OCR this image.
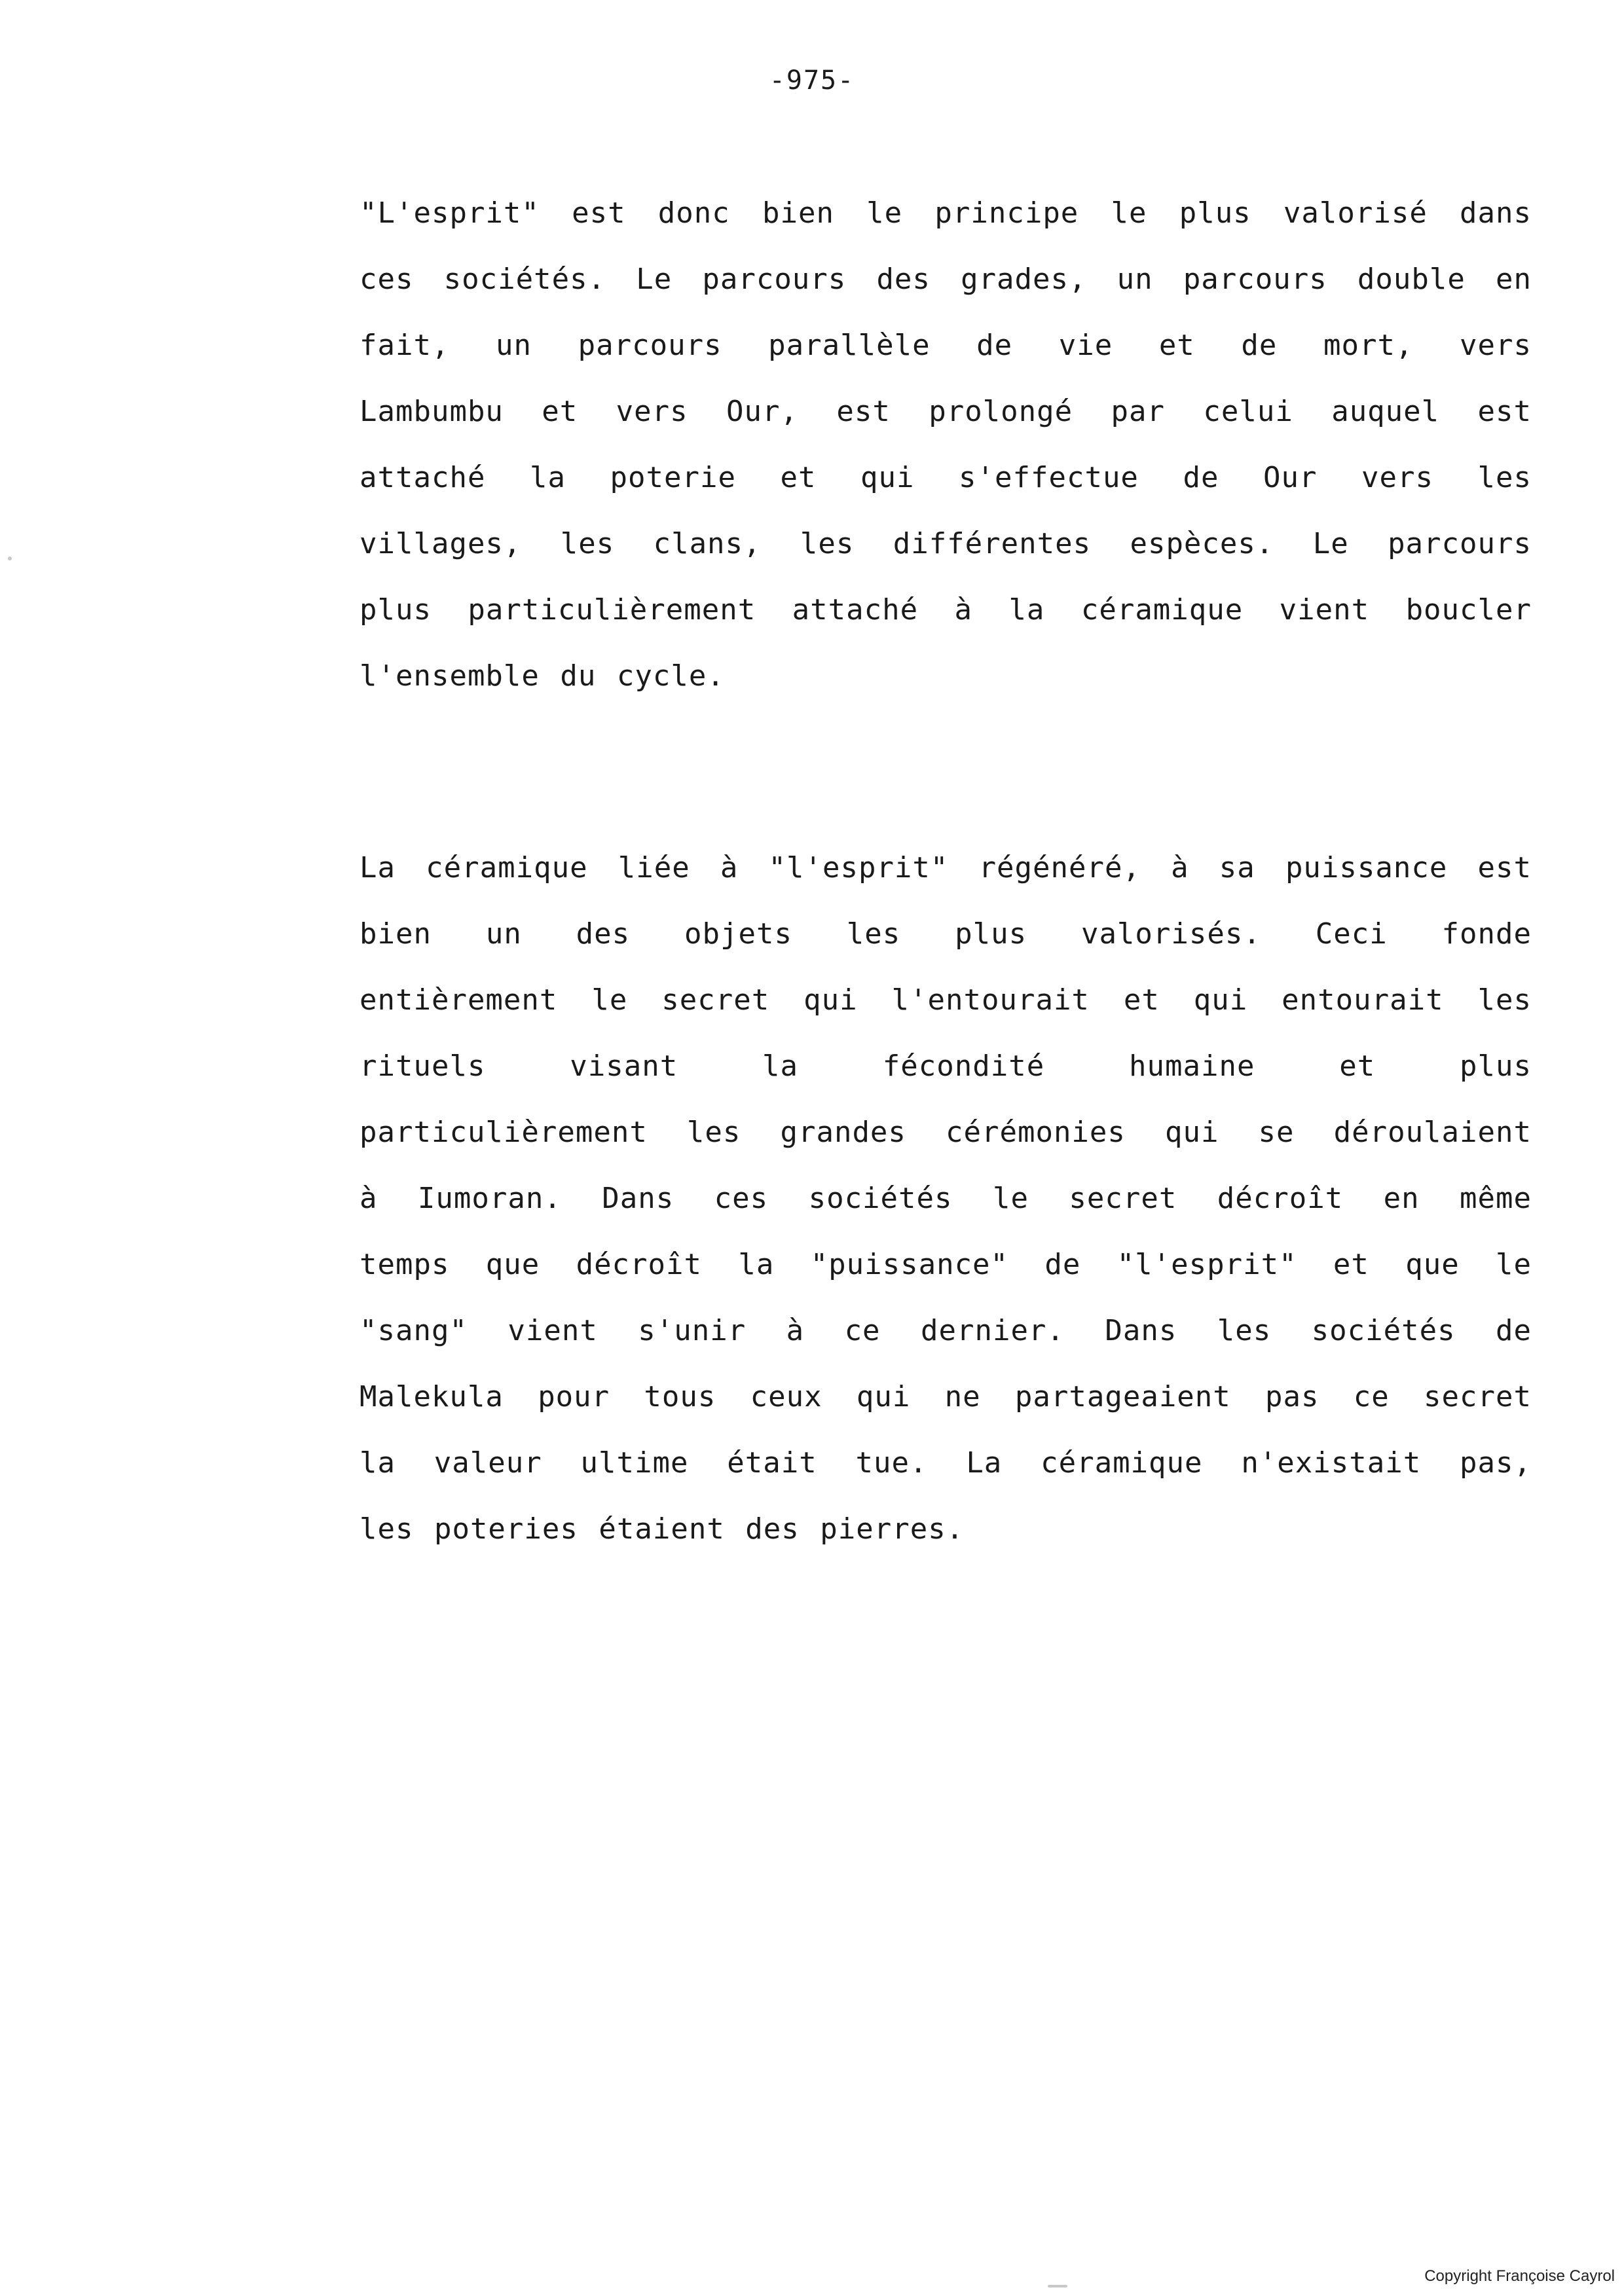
-975-
"L'esprit" est donc bien le principe le plus valorisé dans
ces sociétés. Le parcours des grades, un parcours double en
fait, un parcours parallèle de vie et de mort, vers
Lambumbu et vers Our, est prolongé par celui auquel est
attaché la poterie et qui s'effectue de Our vers les
villages, les clans, les différentes espèces. Le parcours
plus particulièrement attaché à la céramique vient boucler
l'ensemble du cycle.
La céramique liée à "l'esprit" régénéré, à sa puissance est
bien un des objets les plus valorisés. Ceci fonde
entièrement le secret qui l'entourait et qui entourait les
rituels visant la fécondité humaine et plus
particulièrement les grandes cérémonies qui se déroulaient
à Iumoran. Dans ces sociétés le secret décroît en même
temps que décroît la "puissance" de "l'esprit" et que le
"sang" vient s'unir à ce dernier. Dans les sociétés de
Malekula pour tous ceux qui ne partageaient pas ce secret
la valeur ultime était tue. La céramique n'existait pas,
les poteries étaient des pierres.
Copyright Françoise Cayrol
